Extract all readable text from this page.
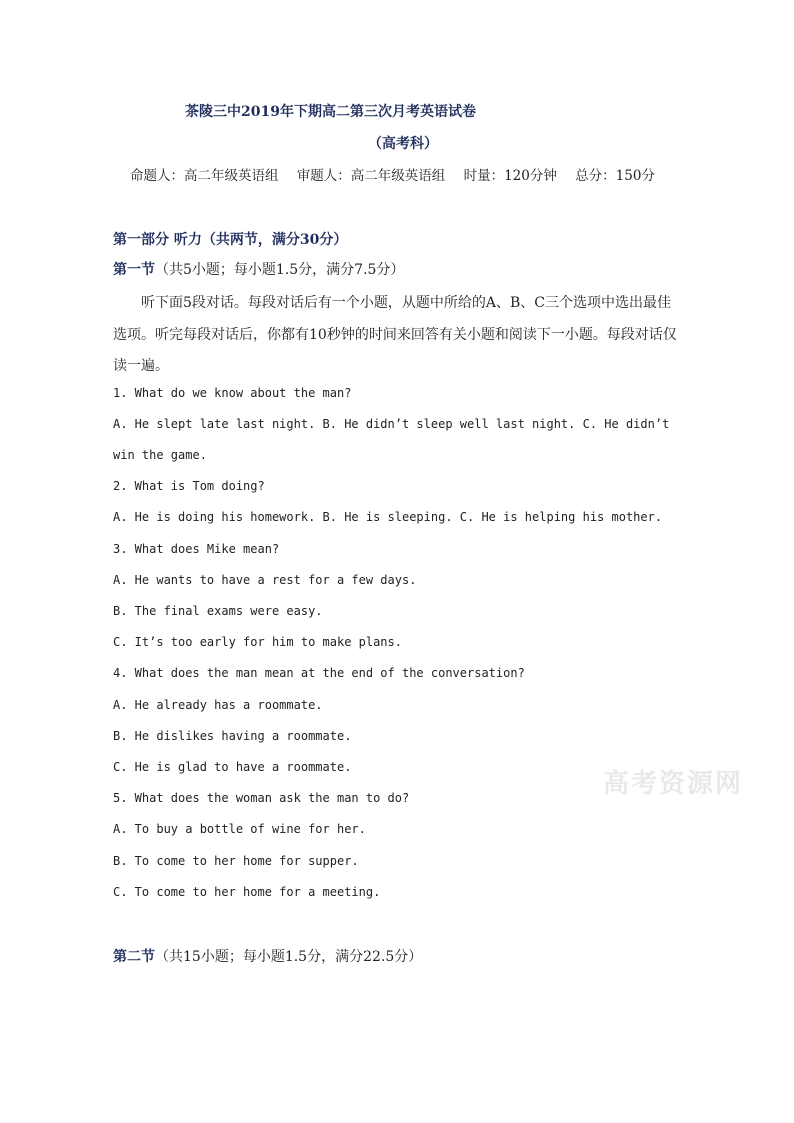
茶陵三中2019年下期高二第三次月考英语试卷
（高考科）
命题人：高二年级英语组 审题人：高二年级英语组 时量：120分钟 总分：150分
第一部分 听力（共两节，满分30分）
第一节（共5小题；每小题1.5分，满分7.5分）
听下面5段对话。每段对话后有一个小题，从题中所给的A、B、C三个选项中选出最佳选项。听完每段对话后，你都有10秒钟的时间来回答有关小题和阅读下一小题。每段对话仅读一遍。
1. What do we know about the man?
A. He slept late last night. B. He didn’t sleep well last night. C. He didn’t
win the game.
2. What is Tom doing?
A. He is doing his homework. B. He is sleeping. C. He is helping his mother.
3. What does Mike mean?
A. He wants to have a rest for a few days.
B. The final exams were easy.
C. It’s too early for him to make plans.
4. What does the man mean at the end of the conversation?
A. He already has a roommate.
B. He dislikes having a roommate.
C. He is glad to have a roommate.
5. What does the woman ask the man to do?
A. To buy a bottle of wine for her.
B. To come to her home for supper.
C. To come to her home for a meeting.
第二节（共15小题；每小题1.5分，满分22.5分）
高考资源网
